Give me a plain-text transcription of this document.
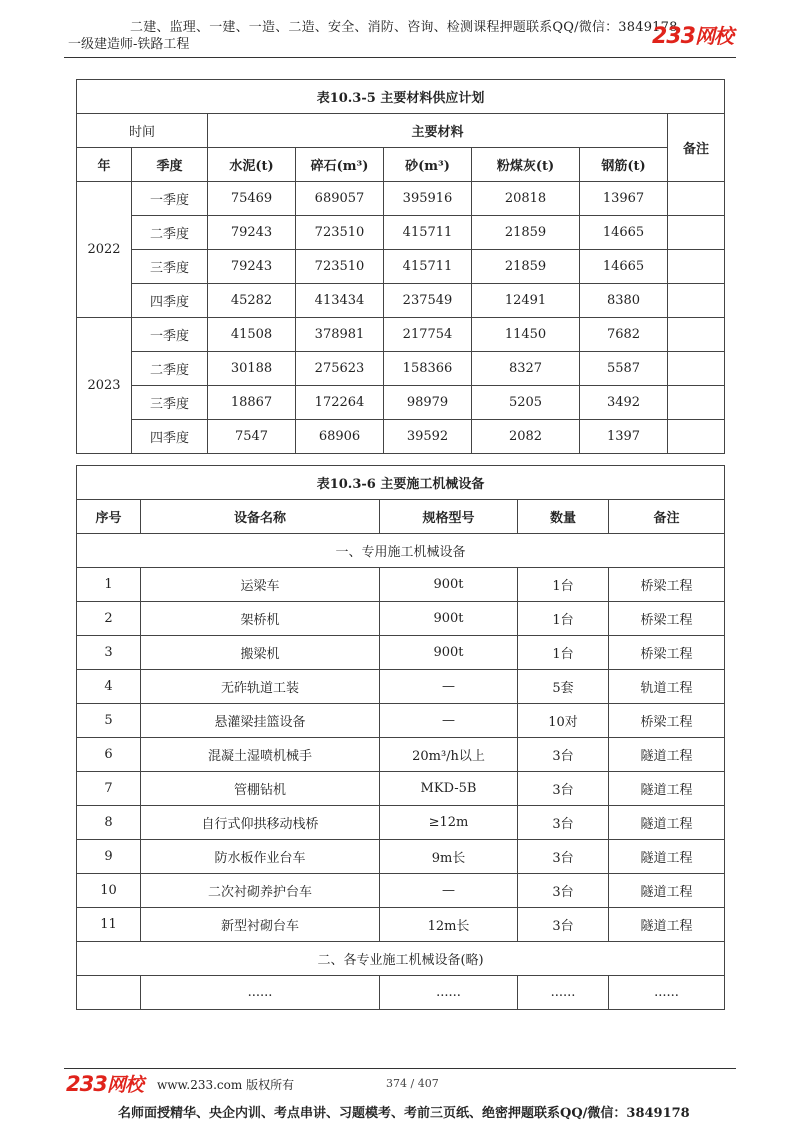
二建、监理、一建、一造、二造、安全、消防、咨询、检测课程押题联系QQ/微信：3849178
一级建造师-铁路工程	233网校
表10.3-5 主要材料供应计划							
时间		主要材料					备注
年	季度	水泥(t)	碎石(m³)	砂(m³)	粉煤灰(t)	钢筋(t)	
2022	一季度	75469	689057	395916	20818	13967	
	二季度	79243	723510	415711	21859	14665	
	三季度	79243	723510	415711	21859	14665	
	四季度	45282	413434	237549	12491	8380	
2023	一季度	41508	378981	217754	11450	7682	
	二季度	30188	275623	158366	8327	5587	
	三季度	18867	172264	98979	5205	3492	
	四季度	7547	68906	39592	2082	1397	
表10.3-6 主要施工机械设备				
序号	设备名称	规格型号	数量	备注
一、专用施工机械设备				
1	运梁车	900t	1台	桥梁工程
2	架桥机	900t	1台	桥梁工程
3	搬梁机	900t	1台	桥梁工程
4	无砟轨道工装	—	5套	轨道工程
5	悬灌梁挂篮设备	—	10对	桥梁工程
6	混凝土湿喷机械手	20m³/h以上	3台	隧道工程
7	管棚钻机	MKD-5B	3台	隧道工程
8	自行式仰拱移动栈桥	≥12m	3台	隧道工程
9	防水板作业台车	9m长	3台	隧道工程
10	二次衬砌养护台车	—	3台	隧道工程
11	新型衬砌台车	12m长	3台	隧道工程
二、各专业施工机械设备(略)				
	......	......	......	......
233网校 www.233.com 版权所有	374 / 407
名师面授精华、央企内训、考点串讲、习题模考、考前三页纸、绝密押题联系QQ/微信：3849178
